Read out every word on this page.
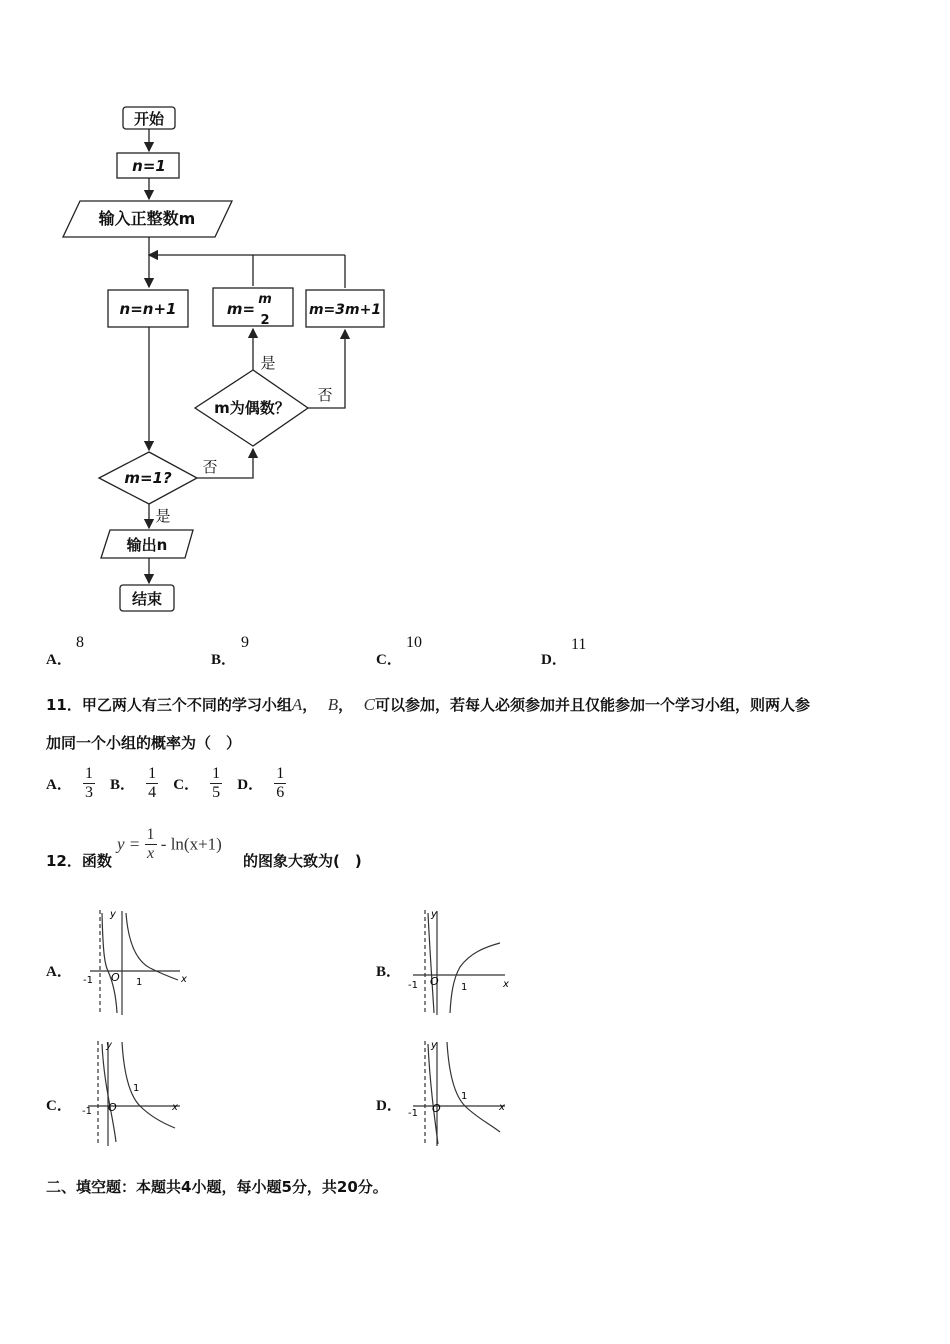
开始
n=1
输入正整数m
n=n+1	m=
m
2
m=3m+1
m为偶数？
m=1?
是
否
是
否
输出n
结束
A．
8
B．
9
C．
10
D．
11
11．甲乙两人有三个不同的学习小组A， B， C可以参加，若每人必须参加并且仅能参加一个学习小组，则两人参
加同一个小组的概率为（　）
A． $\frac{1}{3}$ B． $\frac{1}{4}$ C． $\frac{1}{5}$ D． $\frac{1}{6}$
12．函数
$y = \frac{1}{x} - \ln(x+1)$
的图象大致为(　)
A．	B．
C．	D．
y
x
-1 O 1
y
x
-1 O 1
y
x
-1 O
1
y
x
-1 O
1
二、填空题：本题共4小题，每小题5分，共20分。
